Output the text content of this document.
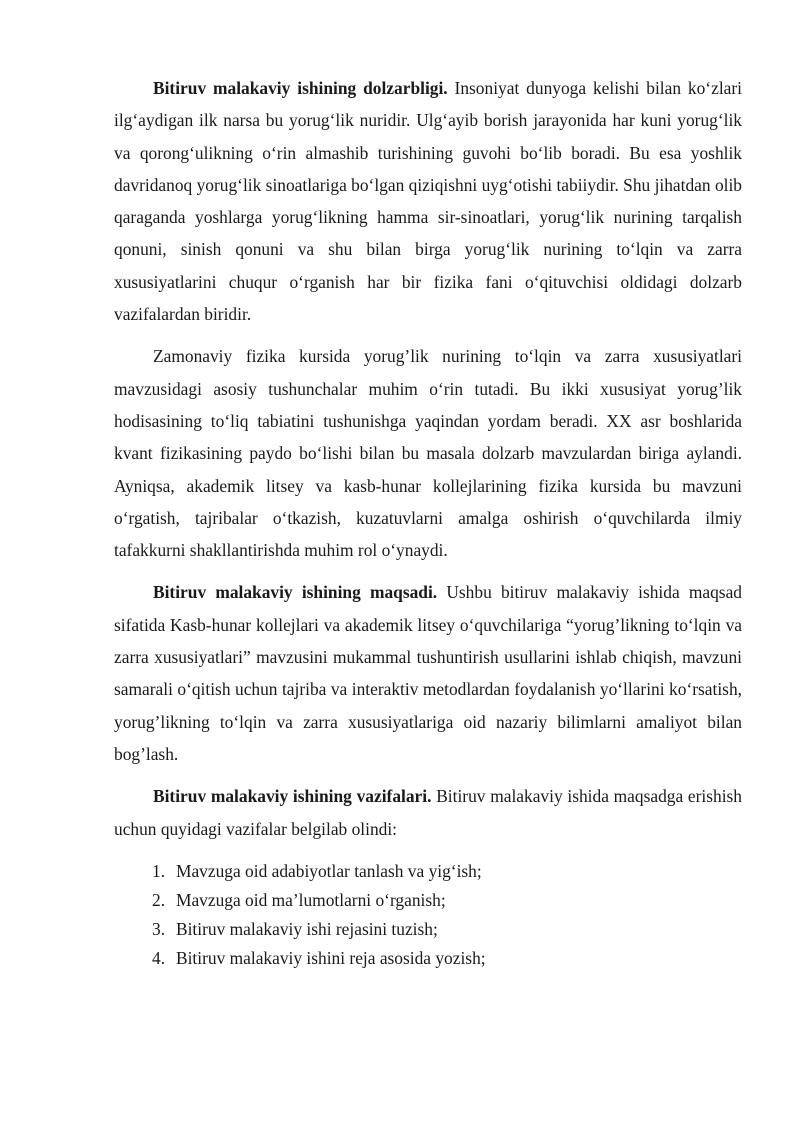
Bitiruv malakaviy ishining dolzarbligi. Insoniyat dunyoga kelishi bilan ko‘zlari ilg‘aydigan ilk narsa bu yorug‘lik nuridir. Ulg‘ayib borish jarayonida har kuni yorug‘lik va qorong‘ulikning o‘rin almashib turishining guvohi bo‘lib boradi. Bu esa yoshlik davridanoq yorug‘lik sinoatlariga bo‘lgan qiziqishni uyg‘otishi tabiiydir. Shu jihatdan olib qaraganda yoshlarga yorug‘likning hamma sir-sinoatlari, yorug‘lik nurining tarqalish qonuni, sinish qonuni va shu bilan birga yorug‘lik nurining to‘lqin va zarra xususiyatlarini chuqur o‘rganish har bir fizika fani o‘qituvchisi oldidagi dolzarb vazifalardan biridir.

Zamonaviy fizika kursida yorug’lik nurining to‘lqin va zarra xususiyatlari mavzusidagi asosiy tushunchalar muhim o‘rin tutadi. Bu ikki xususiyat yorug’lik hodisasining to‘liq tabiatini tushunishga yaqindan yordam beradi. XX asr boshlarida kvant fizikasining paydo bo‘lishi bilan bu masala dolzarb mavzulardan biriga aylandi. Ayniqsa, akademik litsey va kasb-hunar kollejlarining fizika kursida bu mavzuni o‘rgatish, tajribalar o‘tkazish, kuzatuvlarni amalga oshirish o‘quvchilarda ilmiy tafakkurni shakllantirishda muhim rol o‘ynaydi.

Bitiruv malakaviy ishining maqsadi. Ushbu bitiruv malakaviy ishida maqsad sifatida Kasb-hunar kollejlari va akademik litsey o‘quvchilariga “yorug’likning to‘lqin va zarra xususiyatlari” mavzusini mukammal tushuntirish usullarini ishlab chiqish, mavzuni samarali o‘qitish uchun tajriba va interaktiv metodlardan foydalanish yo‘llarini ko‘rsatish, yorug’likning to‘lqin va zarra xususiyatlariga oid nazariy bilimlarni amaliyot bilan bog’lash.

Bitiruv malakaviy ishining vazifalari. Bitiruv malakaviy ishida maqsadga erishish uchun quyidagi vazifalar belgilab olindi:

1. Mavzuga oid adabiyotlar tanlash va yig‘ish;
2. Mavzuga oid ma’lumotlarni o‘rganish;
3. Bitiruv malakaviy ishi rejasini tuzish;
4. Bitiruv malakaviy ishini reja asosida yozish;
